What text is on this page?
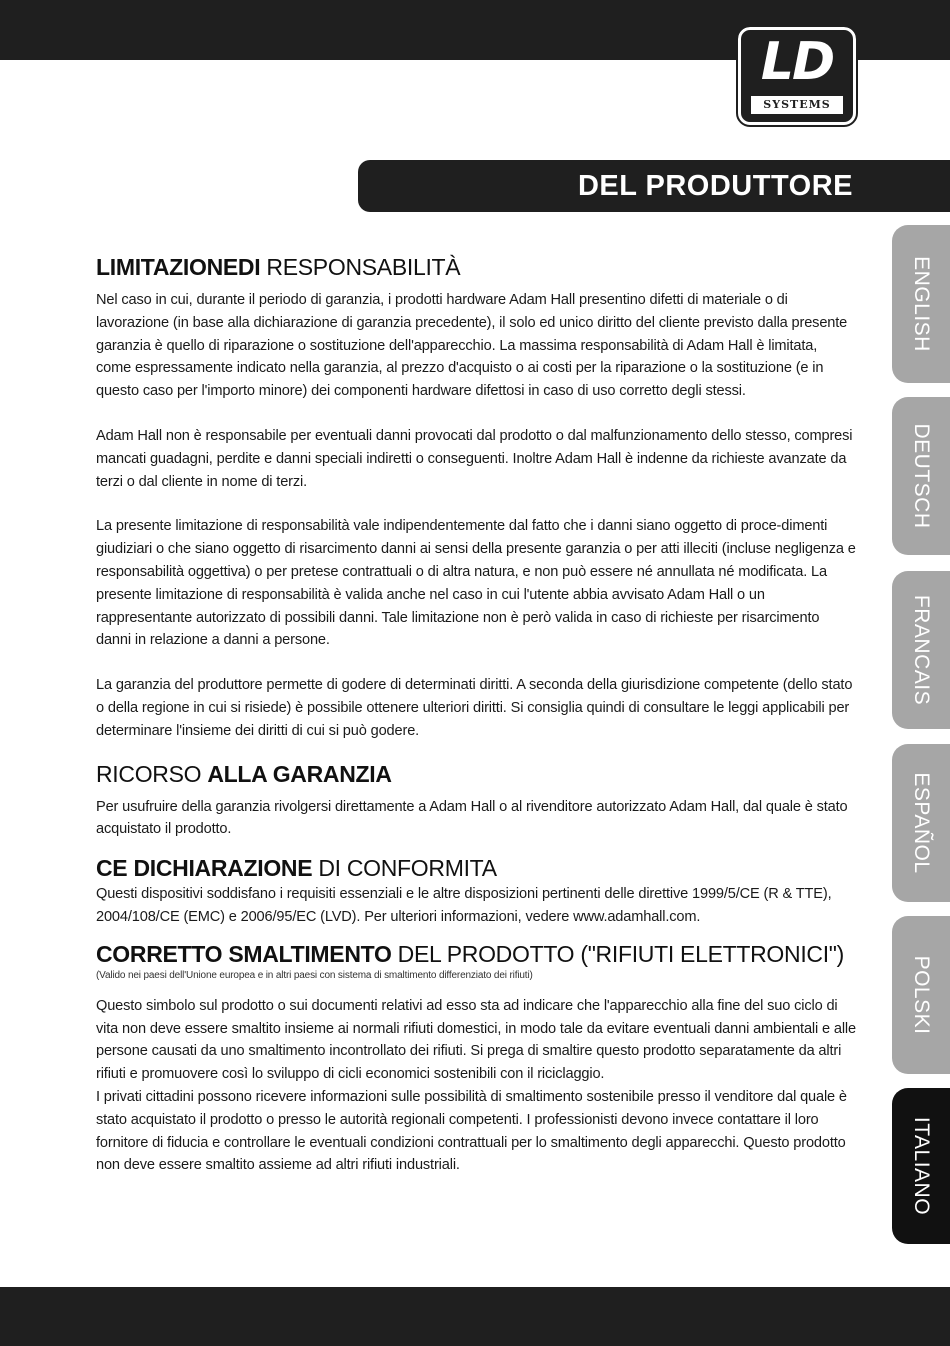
LD
SYSTEMS
DEL PRODUTTORE
ENGLISH
DEUTSCH
FRANCAIS
ESPAÑOL
POLSKI
ITALIANO
LIMITAZIONEDI RESPONSABILITÀ

Nel caso in cui, durante il periodo di garanzia, i prodotti hardware Adam Hall presentino difetti di materiale o di lavorazione (in base alla dichiarazione di garanzia precedente), il solo ed unico diritto del cliente previsto dalla presente garanzia è quello di riparazione o sostituzione dell'apparecchio. La massima responsabilità di Adam Hall è limitata, come espressamente indicato nella garanzia, al prezzo d'acquisto o ai costi per la riparazione o la sostituzione (e in questo caso per l'importo minore) dei componenti hardware difettosi in caso di uso corretto degli stessi.

Adam Hall non è responsabile per eventuali danni provocati dal prodotto o dal malfunzionamento dello stesso, compresi mancati guadagni, perdite e danni speciali indiretti o conseguenti. Inoltre Adam Hall è indenne da richieste avanzate da terzi o dal cliente in nome di terzi.

La presente limitazione di responsabilità vale indipendentemente dal fatto che i danni siano oggetto di proce-dimenti giudiziari o che siano oggetto di risarcimento danni ai sensi della presente garanzia o per atti illeciti (incluse negligenza e responsabilità oggettiva) o per pretese contrattuali o di altra natura, e non può essere né annullata né modificata. La presente limitazione di responsabilità è valida anche nel caso in cui l'utente abbia avvisato Adam Hall o un rappresentante autorizzato di possibili danni. Tale limitazione non è però valida in caso di richieste per risarcimento danni in relazione a danni a persone.

La garanzia del produttore permette di godere di determinati diritti. A seconda della giurisdizione competente (dello stato o della regione in cui si risiede) è possibile ottenere ulteriori diritti. Si consiglia quindi di consultare le leggi applicabili per determinare l'insieme dei diritti di cui si può godere.

RICORSO ALLA GARANZIA

Per usufruire della garanzia rivolgersi direttamente a Adam Hall o al rivenditore autorizzato Adam Hall, dal quale è stato acquistato il prodotto.

CE DICHIARAZIONE DI CONFORMITA

Questi dispositivi soddisfano i requisiti essenziali e le altre disposizioni pertinenti delle direttive 1999/5/CE (R & TTE), 2004/108/CE (EMC) e 2006/95/EC (LVD). Per ulteriori informazioni, vedere www.adamhall.com.

CORRETTO SMALTIMENTO DEL PRODOTTO ("RIFIUTI ELETTRONICI")

(Valido nei paesi dell'Unione europea e in altri paesi con sistema di smaltimento differenziato dei rifiuti)

Questo simbolo sul prodotto o sui documenti relativi ad esso sta ad indicare che l'apparecchio alla fine del suo ciclo di vita non deve essere smaltito insieme ai normali rifiuti domestici, in modo tale da evitare eventuali danni ambientali e alle persone causati da uno smaltimento incontrollato dei rifiuti. Si prega di smaltire questo prodotto separatamente da altri rifiuti e promuovere così lo sviluppo di cicli economici sostenibili con il riciclaggio.

I privati cittadini possono ricevere informazioni sulle possibilità di smaltimento sostenibile presso il venditore dal quale è stato acquistato il prodotto o presso le autorità regionali competenti. I professionisti devono invece contattare il loro fornitore di fiducia e controllare le eventuali condizioni contrattuali per lo smaltimento degli apparecchi. Questo prodotto non deve essere smaltito assieme ad altri rifiuti industriali.
